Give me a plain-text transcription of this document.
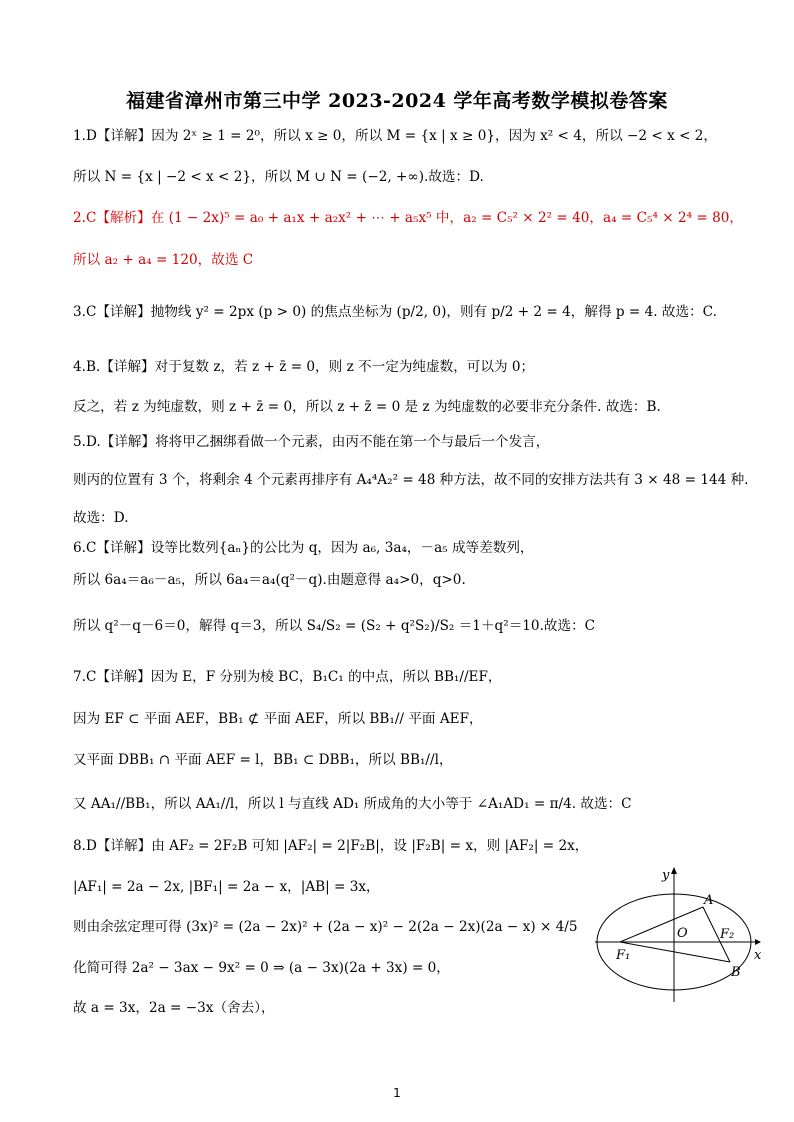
福建省漳州市第三中学 2023-2024 学年高考数学模拟卷答案
1.D【详解】因为 2ˣ ≥ 1 = 2⁰，所以 x ≥ 0，所以 M = {x | x ≥ 0}，因为 x² < 4，所以 −2 < x < 2，
所以 N = {x | −2 < x < 2}，所以 M ∪ N = (−2, +∞).故选：D.
2.C【解析】在 (1 − 2x)⁵ = a₀ + a₁x + a₂x² + ⋯ + a₅x⁵ 中，a₂ = C₅² × 2² = 40，a₄ = C₅⁴ × 2⁴ = 80，
所以 a₂ + a₄ = 120，故选 C
3.C【详解】抛物线 y² = 2px (p > 0) 的焦点坐标为 (p/2, 0)，则有 p/2 + 2 = 4，解得 p = 4. 故选：C.
4.B.【详解】对于复数 z，若 z + z̄ = 0，则 z 不一定为纯虚数，可以为 0；
反之，若 z 为纯虚数，则 z + z̄ = 0，所以 z + z̄ = 0 是 z 为纯虚数的必要非充分条件. 故选：B.
5.D.【详解】将将甲乙捆绑看做一个元素，由丙不能在第一个与最后一个发言，
则丙的位置有 3 个，将剩余 4 个元素再排序有 A₄⁴A₂² = 48 种方法，故不同的安排方法共有 3 × 48 = 144 种.
故选：D.
6.C【详解】设等比数列{aₙ}的公比为 q，因为 a₆, 3a₄，－a₅ 成等差数列，
所以 6a₄＝a₆－a₅，所以 6a₄＝a₄(q²－q).由题意得 a₄>0，q>0.
所以 q²－q－6＝0，解得 q＝3，所以 S₄/S₂ = (S₂ + q²S₂)/S₂ ＝1＋q²＝10.故选：C
7.C【详解】因为 E，F 分别为棱 BC，B₁C₁ 的中点，所以 BB₁//EF，
因为 EF ⊂ 平面 AEF，BB₁ ⊄ 平面 AEF，所以 BB₁// 平面 AEF，
又平面 DBB₁ ∩ 平面 AEF = l，BB₁ ⊂ DBB₁，所以 BB₁//l，
又 AA₁//BB₁，所以 AA₁//l，所以 l 与直线 AD₁ 所成角的大小等于 ∠A₁AD₁ = π/4. 故选：C
8.D【详解】由 AF₂ = 2F₂B 可知 |AF₂| = 2|F₂B|，设 |F₂B| = x，则 |AF₂| = 2x，
|AF₁| = 2a − 2x, |BF₁| = 2a − x，|AB| = 3x，
则由余弦定理可得 (3x)² = (2a − 2x)² + (2a − x)² − 2(2a − 2x)(2a − x) × 4/5
化简可得 2a² − 3ax − 9x² = 0 ⇒ (a − 3x)(2a + 3x) = 0，
故 a = 3x，2a = −3x（舍去），
y
x
O
A
B
F₁
F₂
1
